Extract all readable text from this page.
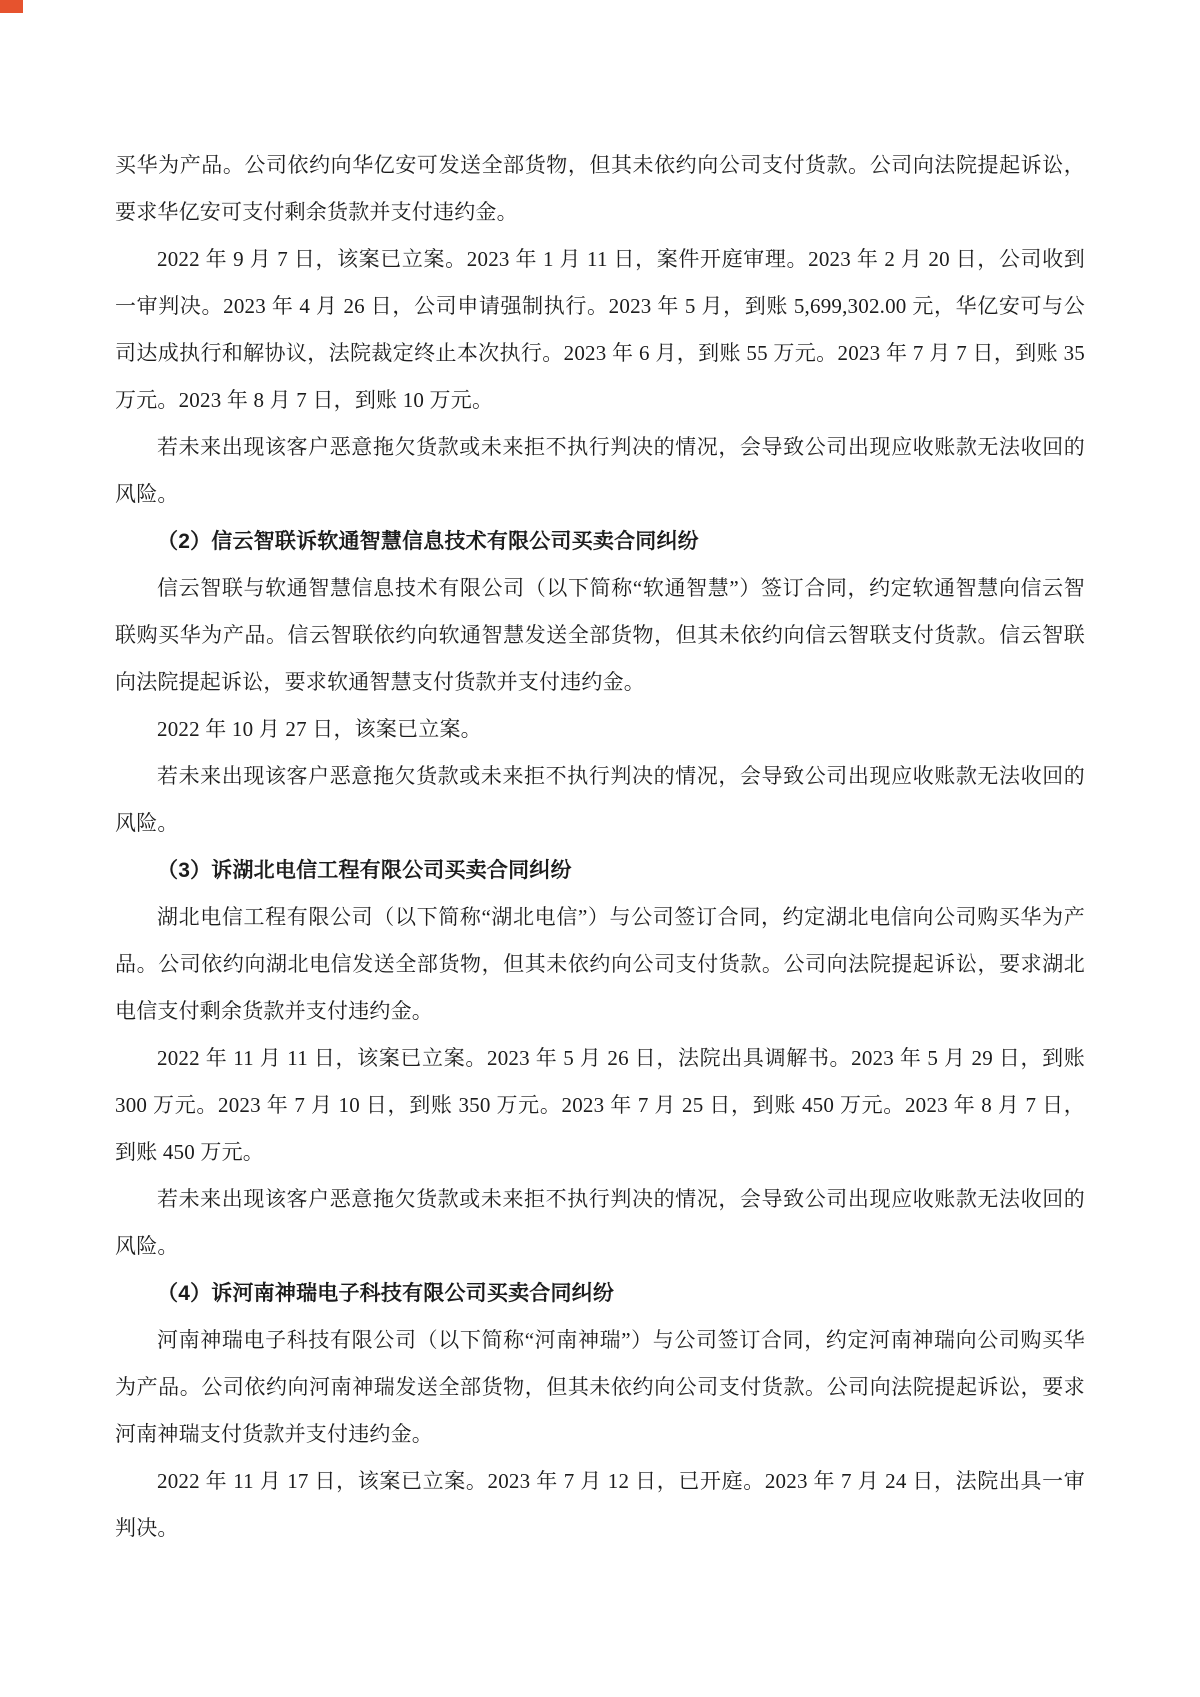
买华为产品。公司依约向华亿安可发送全部货物，但其未依约向公司支付货款。公司向法院提起诉讼，要求华亿安可支付剩余货款并支付违约金。

2022 年 9 月 7 日，该案已立案。2023 年 1 月 11 日，案件开庭审理。2023 年 2 月 20 日，公司收到一审判决。2023 年 4 月 26 日，公司申请强制执行。2023 年 5 月，到账 5,699,302.00 元，华亿安可与公司达成执行和解协议，法院裁定终止本次执行。2023 年 6 月，到账 55 万元。2023 年 7 月 7 日，到账 35 万元。2023 年 8 月 7 日，到账 10 万元。

若未来出现该客户恶意拖欠货款或未来拒不执行判决的情况，会导致公司出现应收账款无法收回的风险。

（2）信云智联诉软通智慧信息技术有限公司买卖合同纠纷

信云智联与软通智慧信息技术有限公司（以下简称“软通智慧”）签订合同，约定软通智慧向信云智联购买华为产品。信云智联依约向软通智慧发送全部货物，但其未依约向信云智联支付货款。信云智联向法院提起诉讼，要求软通智慧支付货款并支付违约金。

2022 年 10 月 27 日，该案已立案。

若未来出现该客户恶意拖欠货款或未来拒不执行判决的情况，会导致公司出现应收账款无法收回的风险。

（3）诉湖北电信工程有限公司买卖合同纠纷

湖北电信工程有限公司（以下简称“湖北电信”）与公司签订合同，约定湖北电信向公司购买华为产品。公司依约向湖北电信发送全部货物，但其未依约向公司支付货款。公司向法院提起诉讼，要求湖北电信支付剩余货款并支付违约金。

2022 年 11 月 11 日，该案已立案。2023 年 5 月 26 日，法院出具调解书。2023 年 5 月 29 日，到账 300 万元。2023 年 7 月 10 日，到账 350 万元。2023 年 7 月 25 日，到账 450 万元。2023 年 8 月 7 日，到账 450 万元。

若未来出现该客户恶意拖欠货款或未来拒不执行判决的情况，会导致公司出现应收账款无法收回的风险。

（4）诉河南神瑞电子科技有限公司买卖合同纠纷

河南神瑞电子科技有限公司（以下简称“河南神瑞”）与公司签订合同，约定河南神瑞向公司购买华为产品。公司依约向河南神瑞发送全部货物，但其未依约向公司支付货款。公司向法院提起诉讼，要求河南神瑞支付货款并支付违约金。

2022 年 11 月 17 日，该案已立案。2023 年 7 月 12 日，已开庭。2023 年 7 月 24 日，法院出具一审判决。
